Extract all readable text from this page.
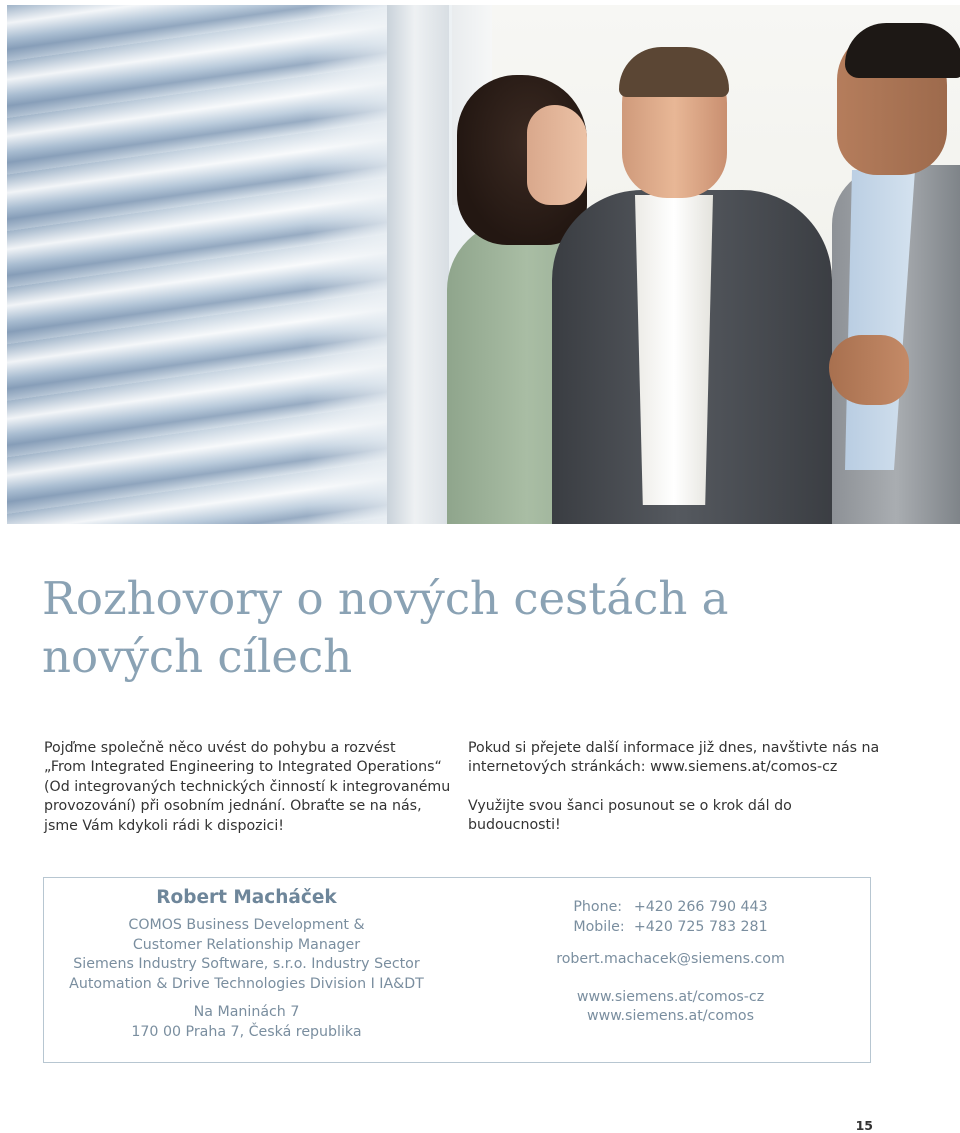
Rozhovory o nových cestách a
nových cílech

Pojďme společně něco uvést do pohybu a rozvést
„From Integrated Engineering to Integrated Operations“
(Od integrovaných technických činností k integrovanému
provozování) při osobním jednání. Obraťte se na nás,
jsme Vám kdykoli rádi k dispozici!

Pokud si přejete další informace již dnes, navštivte nás na
internetových stránkách: www.siemens.at/comos-cz

Využijte svou šanci posunout se o krok dál do
budoucnosti!

Robert Macháček
COMOS Business Development &
Customer Relationship Manager
Siemens Industry Software, s.r.o. Industry Sector
Automation & Drive Technologies Division I IA&DT
Na Maninách 7
170 00 Praha 7, Česká republika
Phone: +420 266 790 443
Mobile: +420 725 783 281
robert.machacek@siemens.com
www.siemens.at/comos-cz
www.siemens.at/comos
15
